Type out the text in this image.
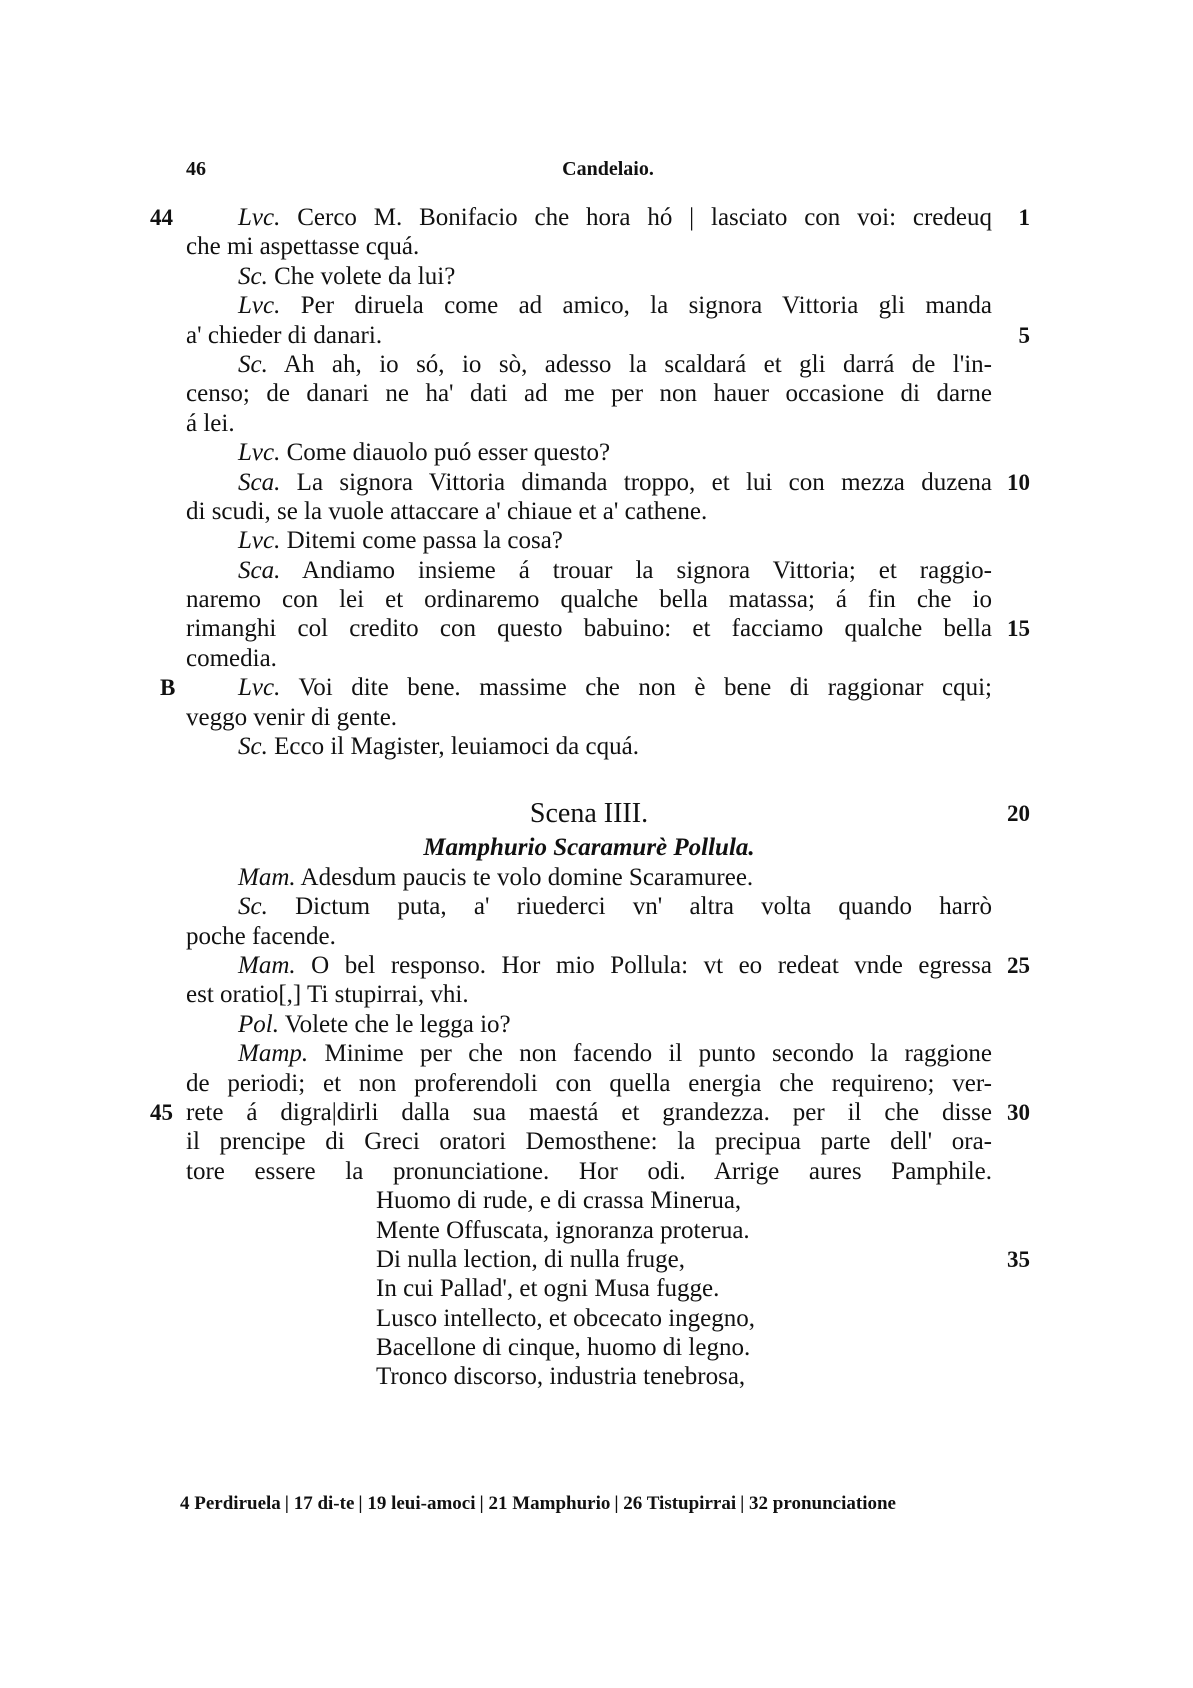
46	Candelaio.
Lvc. Cerco M. Bonifacio che hora hó | lasciato con voi: credeuq
44	1
che mi aspettasse cquá.
Sc. Che volete da lui?
Lvc. Per diruela come ad amico, la signora Vittoria gli manda
a' chieder di danari.	5
Sc. Ah ah, io só, io sò, adesso la scaldará et gli darrá de l'in-
censo; de danari ne ha' dati ad me per non hauer occasione di darne
á lei.
Lvc. Come diauolo puó esser questo?
Sca. La signora Vittoria dimanda troppo, et lui con mezza duzena 10
di scudi, se la vuole attaccare a' chiaue et a' cathene.
Lvc. Ditemi come passa la cosa?
Sca. Andiamo insieme á trouar la signora Vittoria; et raggio-
naremo con lei et ordinaremo qualche bella matassa; á fin che io
rimanghi col credito con questo babuino: et facciamo qualche bella 15
comedia.
Lvc. Voi dite bene. massime che non è bene di raggionar cqui;
B
veggo venir di gente.
Sc. Ecco il Magister, leuiamoci da cquá.
Scena IIII.	20
Mamphurio Scaramurè Pollula.
Mam. Adesdum paucis te volo domine Scaramuree.
Sc. Dictum puta, a' riuederci vn' altra volta quando harrò
poche facende.
Mam. O bel responso. Hor mio Pollula: vt eo redeat vnde egressa 25
est oratio[,] Ti stupirrai, vhi.
Pol. Volete che le legga io?
Mamp. Minime per che non facendo il punto secondo la raggione
de periodi; et non proferendoli con quella energia che requireno; ver-
rete á digra|dirli dalla sua maestá et grandezza. per il che disse
45	30
il prencipe di Greci oratori Demosthene: la precipua parte dell' ora-
tore essere la pronunciatione. Hor odi. Arrige aures Pamphile.
Huomo di rude, e di crassa Minerua,
Mente Offuscata, ignoranza proterua.
Di nulla lection, di nulla fruge,	35
In cui Pallad', et ogni Musa fugge.
Lusco intellecto, et obcecato ingegno,
Bacellone di cinque, huomo di legno.
Tronco discorso, industria tenebrosa,
4 Perdiruela | 17 di-te | 19 leui-amoci | 21 Mamphurio | 26 Tistupirrai | 32 pronunciatione
